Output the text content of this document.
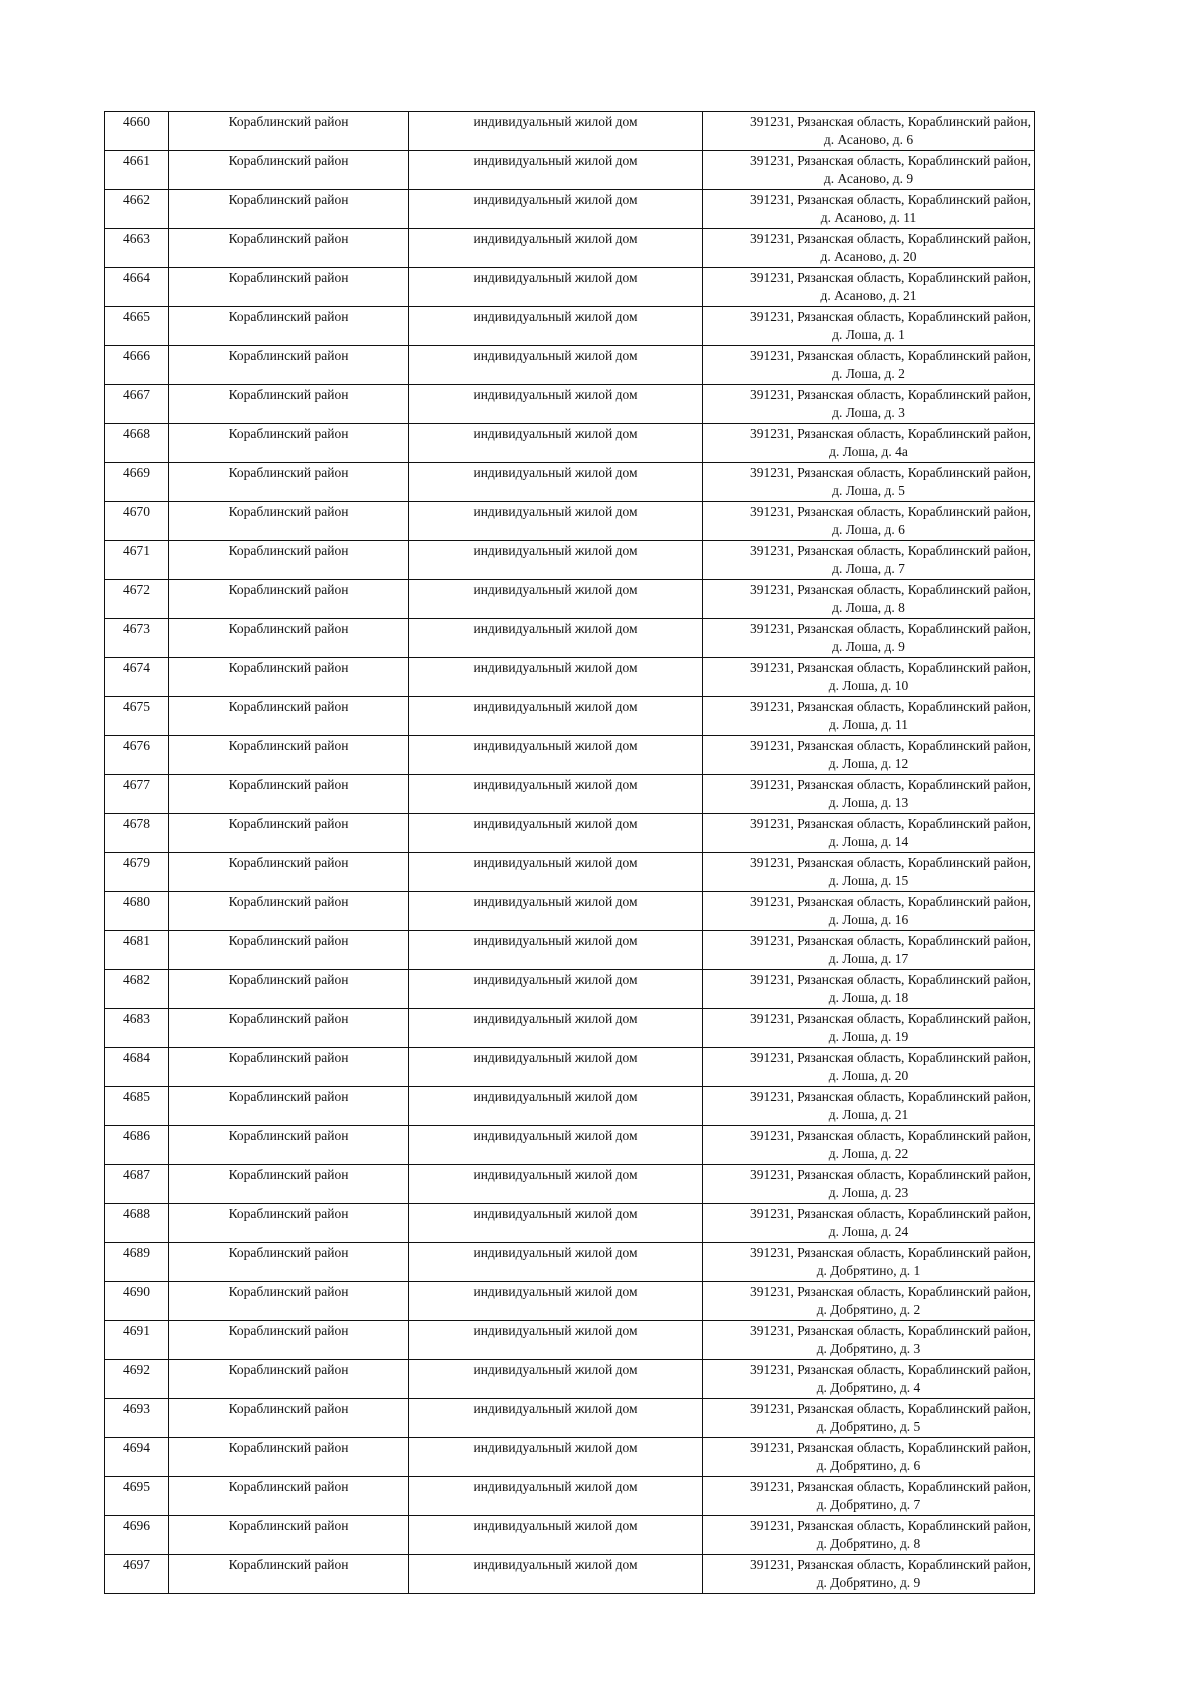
4660	Кораблинский район	индивидуальный жилой дом	391231, Рязанская область, Кораблинский район,
д. Асаново, д. 6

4661	Кораблинский район	индивидуальный жилой дом	391231, Рязанская область, Кораблинский район,
д. Асаново, д. 9

4662	Кораблинский район	индивидуальный жилой дом	391231, Рязанская область, Кораблинский район,
д. Асаново, д. 11

4663	Кораблинский район	индивидуальный жилой дом	391231, Рязанская область, Кораблинский район,
д. Асаново, д. 20

4664	Кораблинский район	индивидуальный жилой дом	391231, Рязанская область, Кораблинский район,
д. Асаново, д. 21

4665	Кораблинский район	индивидуальный жилой дом	391231, Рязанская область, Кораблинский район,
д. Лоша, д. 1

4666	Кораблинский район	индивидуальный жилой дом	391231, Рязанская область, Кораблинский район,
д. Лоша, д. 2

4667	Кораблинский район	индивидуальный жилой дом	391231, Рязанская область, Кораблинский район,
д. Лоша, д. 3

4668	Кораблинский район	индивидуальный жилой дом	391231, Рязанская область, Кораблинский район,
д. Лоша, д. 4а

4669	Кораблинский район	индивидуальный жилой дом	391231, Рязанская область, Кораблинский район,
д. Лоша, д. 5

4670	Кораблинский район	индивидуальный жилой дом	391231, Рязанская область, Кораблинский район,
д. Лоша, д. 6

4671	Кораблинский район	индивидуальный жилой дом	391231, Рязанская область, Кораблинский район,
д. Лоша, д. 7

4672	Кораблинский район	индивидуальный жилой дом	391231, Рязанская область, Кораблинский район,
д. Лоша, д. 8

4673	Кораблинский район	индивидуальный жилой дом	391231, Рязанская область, Кораблинский район,
д. Лоша, д. 9

4674	Кораблинский район	индивидуальный жилой дом	391231, Рязанская область, Кораблинский район,
д. Лоша, д. 10

4675	Кораблинский район	индивидуальный жилой дом	391231, Рязанская область, Кораблинский район,
д. Лоша, д. 11

4676	Кораблинский район	индивидуальный жилой дом	391231, Рязанская область, Кораблинский район,
д. Лоша, д. 12

4677	Кораблинский район	индивидуальный жилой дом	391231, Рязанская область, Кораблинский район,
д. Лоша, д. 13

4678	Кораблинский район	индивидуальный жилой дом	391231, Рязанская область, Кораблинский район,
д. Лоша, д. 14

4679	Кораблинский район	индивидуальный жилой дом	391231, Рязанская область, Кораблинский район,
д. Лоша, д. 15

4680	Кораблинский район	индивидуальный жилой дом	391231, Рязанская область, Кораблинский район,
д. Лоша, д. 16

4681	Кораблинский район	индивидуальный жилой дом	391231, Рязанская область, Кораблинский район,
д. Лоша, д. 17

4682	Кораблинский район	индивидуальный жилой дом	391231, Рязанская область, Кораблинский район,
д. Лоша, д. 18

4683	Кораблинский район	индивидуальный жилой дом	391231, Рязанская область, Кораблинский район,
д. Лоша, д. 19

4684	Кораблинский район	индивидуальный жилой дом	391231, Рязанская область, Кораблинский район,
д. Лоша, д. 20

4685	Кораблинский район	индивидуальный жилой дом	391231, Рязанская область, Кораблинский район,
д. Лоша, д. 21

4686	Кораблинский район	индивидуальный жилой дом	391231, Рязанская область, Кораблинский район,
д. Лоша, д. 22

4687	Кораблинский район	индивидуальный жилой дом	391231, Рязанская область, Кораблинский район,
д. Лоша, д. 23

4688	Кораблинский район	индивидуальный жилой дом	391231, Рязанская область, Кораблинский район,
д. Лоша, д. 24

4689	Кораблинский район	индивидуальный жилой дом	391231, Рязанская область, Кораблинский район,
д. Добрятино, д. 1

4690	Кораблинский район	индивидуальный жилой дом	391231, Рязанская область, Кораблинский район,
д. Добрятино, д. 2

4691	Кораблинский район	индивидуальный жилой дом	391231, Рязанская область, Кораблинский район,
д. Добрятино, д. 3

4692	Кораблинский район	индивидуальный жилой дом	391231, Рязанская область, Кораблинский район,
д. Добрятино, д. 4

4693	Кораблинский район	индивидуальный жилой дом	391231, Рязанская область, Кораблинский район,
д. Добрятино, д. 5

4694	Кораблинский район	индивидуальный жилой дом	391231, Рязанская область, Кораблинский район,
д. Добрятино, д. 6

4695	Кораблинский район	индивидуальный жилой дом	391231, Рязанская область, Кораблинский район,
д. Добрятино, д. 7

4696	Кораблинский район	индивидуальный жилой дом	391231, Рязанская область, Кораблинский район,
д. Добрятино, д. 8

4697	Кораблинский район	индивидуальный жилой дом	391231, Рязанская область, Кораблинский район,
д. Добрятино, д. 9
